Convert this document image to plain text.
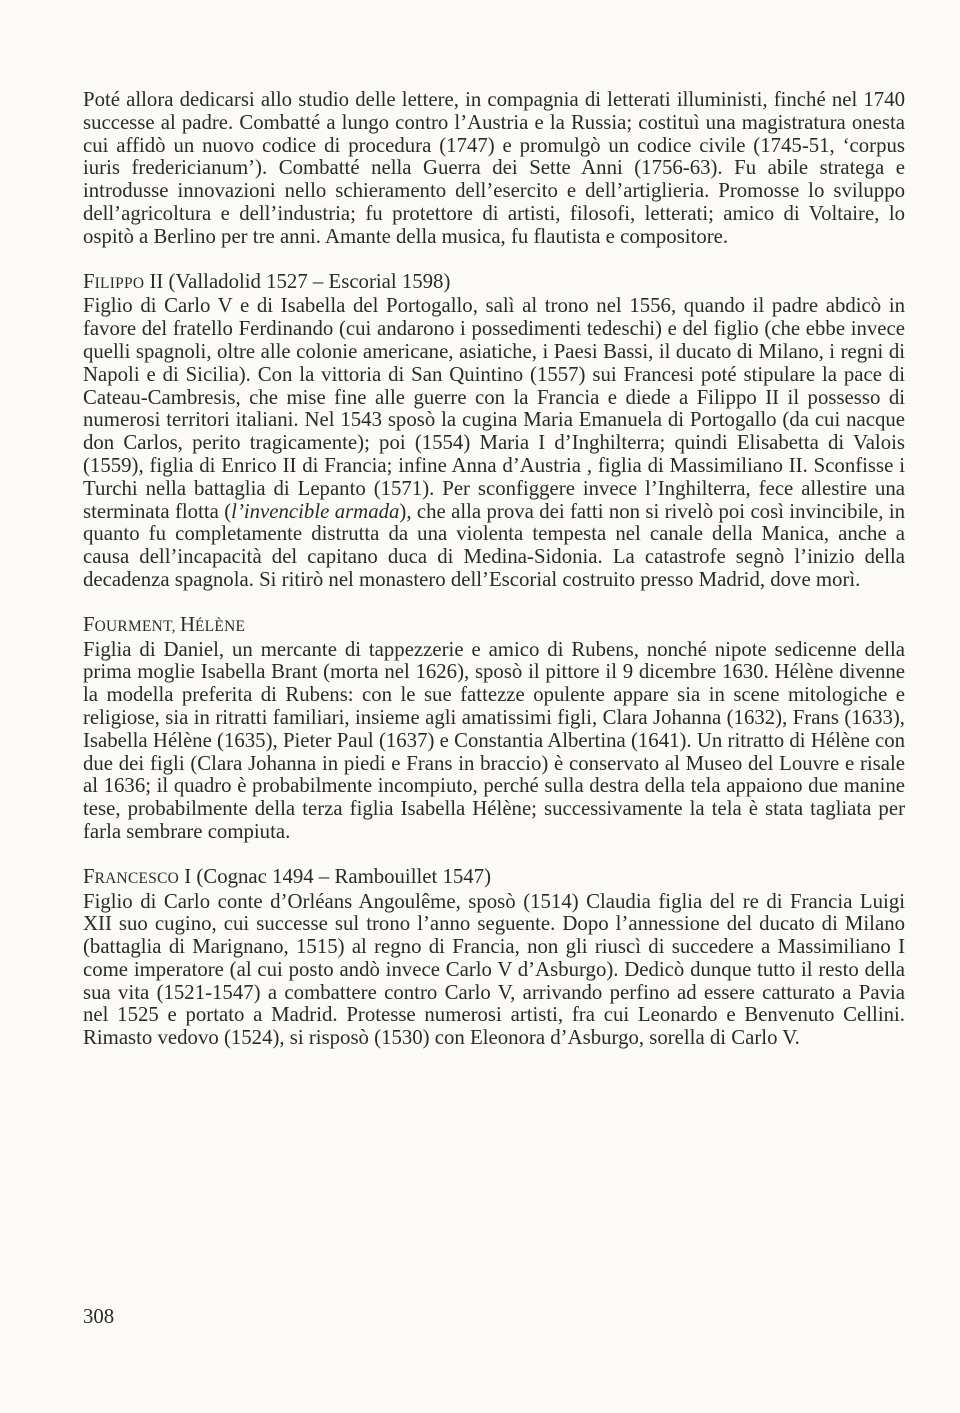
Poté allora dedicarsi allo studio delle lettere, in compagnia di letterati illuministi, finché nel 1740 successe al padre. Combatté a lungo contro l’Austria e la Russia; costituì una magistratura onesta cui affidò un nuovo codice di procedura (1747) e promulgò un codice civile (1745-51, ‘corpus iuris fredericianum’). Combatté nella Guerra dei Sette Anni (1756-63). Fu abile stratega e introdusse innovazioni nello schieramento dell’esercito e dell’artiglieria. Promosse lo sviluppo dell’agricoltura e dell’industria; fu protettore di artisti, filosofi, letterati; amico di Voltaire, lo ospitò a Berlino per tre anni. Amante della musica, fu flautista e compositore.

FILIPPO II (Valladolid 1527 – Escorial 1598)

Figlio di Carlo V e di Isabella del Portogallo, salì al trono nel 1556, quando il padre abdicò in favore del fratello Ferdinando (cui andarono i possedimenti tedeschi) e del figlio (che ebbe invece quelli spagnoli, oltre alle colonie americane, asiatiche, i Paesi Bassi, il ducato di Milano, i regni di Napoli e di Sicilia). Con la vittoria di San Quintino (1557) sui Francesi poté stipulare la pace di Cateau-Cambresis, che mise fine alle guerre con la Francia e diede a Filippo II il possesso di numerosi territori italiani. Nel 1543 sposò la cugina Maria Emanuela di Portogallo (da cui nacque don Carlos, perito tragicamente); poi (1554) Maria I d’Inghilterra; quindi Elisabetta di Valois (1559), figlia di Enrico II di Francia; infine Anna d’Austria , figlia di Massimiliano II. Sconfisse i Turchi nella battaglia di Lepanto (1571). Per sconfiggere invece l’Inghilterra, fece allestire una sterminata flotta (l’invencible armada), che alla prova dei fatti non si rivelò poi così invincibile, in quanto fu completamente distrutta da una violenta tempesta nel canale della Manica, anche a causa dell’incapacità del capitano duca di Medina-Sidonia. La catastrofe segnò l’inizio della decadenza spagnola. Si ritirò nel monastero dell’Escorial costruito presso Madrid, dove morì.

FOURMENT, HÉLÈNE

Figlia di Daniel, un mercante di tappezzerie e amico di Rubens, nonché nipote sedicenne della prima moglie Isabella Brant (morta nel 1626), sposò il pittore il 9 dicembre 1630. Hélène divenne la modella preferita di Rubens: con le sue fattezze opulente appare sia in scene mitologiche e religiose, sia in ritratti familiari, insieme agli amatissimi figli, Clara Johanna (1632), Frans (1633), Isabella Hélène (1635), Pieter Paul (1637) e Constantia Albertina (1641). Un ritratto di Hélène con due dei figli (Clara Johanna in piedi e Frans in braccio) è conservato al Museo del Louvre e risale al 1636; il quadro è probabilmente incompiuto, perché sulla destra della tela appaiono due manine tese, probabilmente della terza figlia Isabella Hélène; successivamente la tela è stata tagliata per farla sembrare compiuta.

FRANCESCO I (Cognac 1494 – Rambouillet 1547)

Figlio di Carlo conte d’Orléans Angoulême, sposò (1514) Claudia figlia del re di Francia Luigi XII suo cugino, cui successe sul trono l’anno seguente. Dopo l’annessione del ducato di Milano (battaglia di Marignano, 1515) al regno di Francia, non gli riuscì di succedere a Massimiliano I come imperatore (al cui posto andò invece Carlo V d’Asburgo). Dedicò dunque tutto il resto della sua vita (1521-1547) a combattere contro Carlo V, arrivando perfino ad essere catturato a Pavia nel 1525 e portato a Madrid. Protesse numerosi artisti, fra cui Leonardo e Benvenuto Cellini. Rimasto vedovo (1524), si risposò (1530) con Eleonora d’Asburgo, sorella di Carlo V.

308
